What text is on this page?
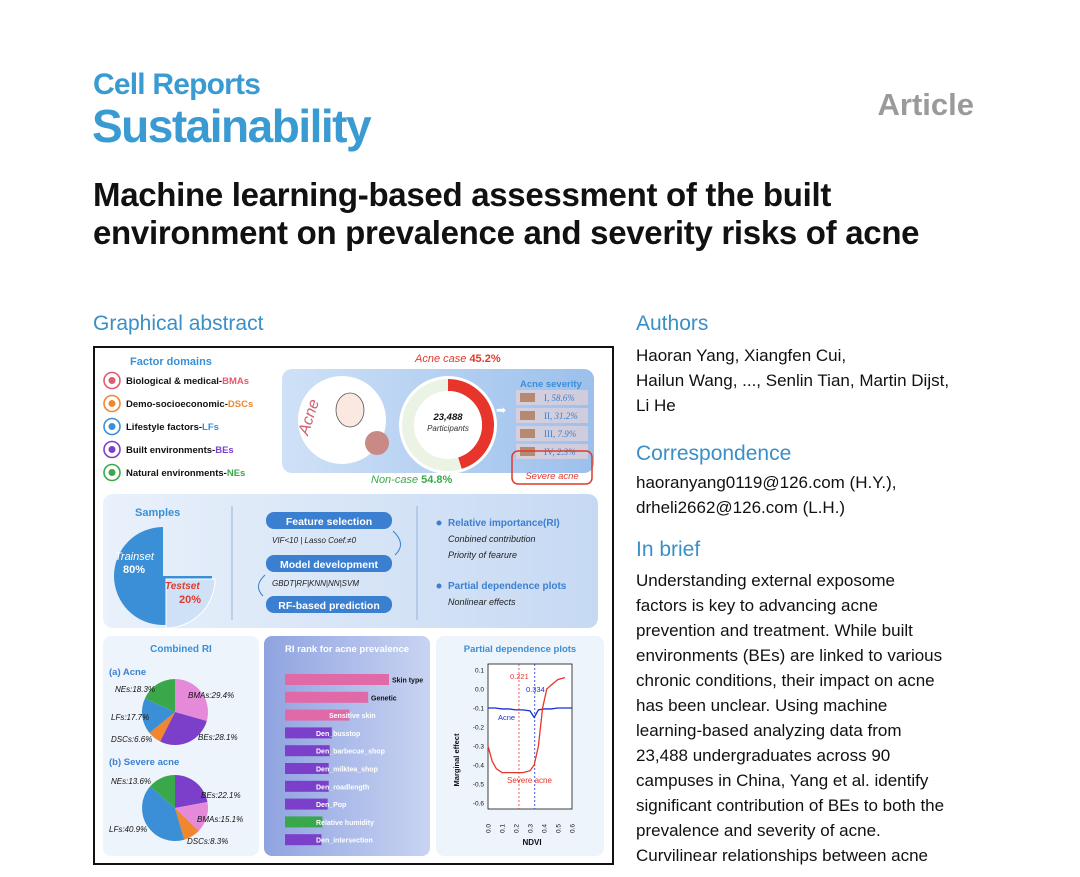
Cell Reports
Sustainability	Article
Machine learning-based assessment of the built environment on prevalence and severity risks of acne
Graphical abstract	Authors
Haoran Yang, Xiangfen Cui,
Hailun Wang, ..., Senlin Tian, Martin Dijst,
Li He
Correspondence
haoranyang0119@126.com (H.Y.),
drheli2662@126.com (L.H.)
In brief
Understanding external exposome
factors is key to advancing acne
prevention and treatment. While built
environments (BEs) are linked to various
chronic conditions, their impact on acne
has been unclear. Using machine
learning-based analyzing data from
23,488 undergraduates across 90
campuses in China, Yang et al. identify
significant contribution of BEs to both the
prevalence and severity of acne.
Curvilinear relationships between acne
Factor domains
Biological & medical-BMAs
Demo-socioeconomic-DSCs
Lifestyle factors-LFs
Built environments-BEs
Natural environments-NEs
Acne	23,488
Participants
Acne case 45.2%
Non-case 54.8%
➡
Acne severity
I, 58.6%
II, 31.2%
III, 7.9%
IV, 2.3%
Severe acne
Samples
Trainset
80%
Testset
20%
Feature selection
VIF<10 | Lasso Coef.≠0
Model development
GBDT|RF|KNN|NN|SVM
RF-based prediction
Relative importance(RI)
Conbined contribution
Priority of fearure
Partial dependence plots
Nonlinear effects
Combined RI
(a) Acne
NEs:18.3%
BMAs:29.4%
LFs:17.7%
BEs:28.1%
DSCs:6.6%
(b) Severe acne
NEs:13.6%
BEs:22.1%
BMAs:15.1%
LFs:40.9%
DSCs:8.3%
RI rank for acne prevalence
Skin type
Genetic
Sensitive skin
Den_busstop
Den_barbecue_shop
Den_milktea_shop
Den_roadlength
Den_Pop
Relative humidity
Den_intersection
Partial dependence plots
0.1
0.0
-0.1
-0.2
-0.3
-0.4
-0.5
-0.6
0.0 0.1 0.2 0.3 0.4 0.5 0.6
Marginal effect
NDVI
Acne
Severe acne
0.221
0.334
